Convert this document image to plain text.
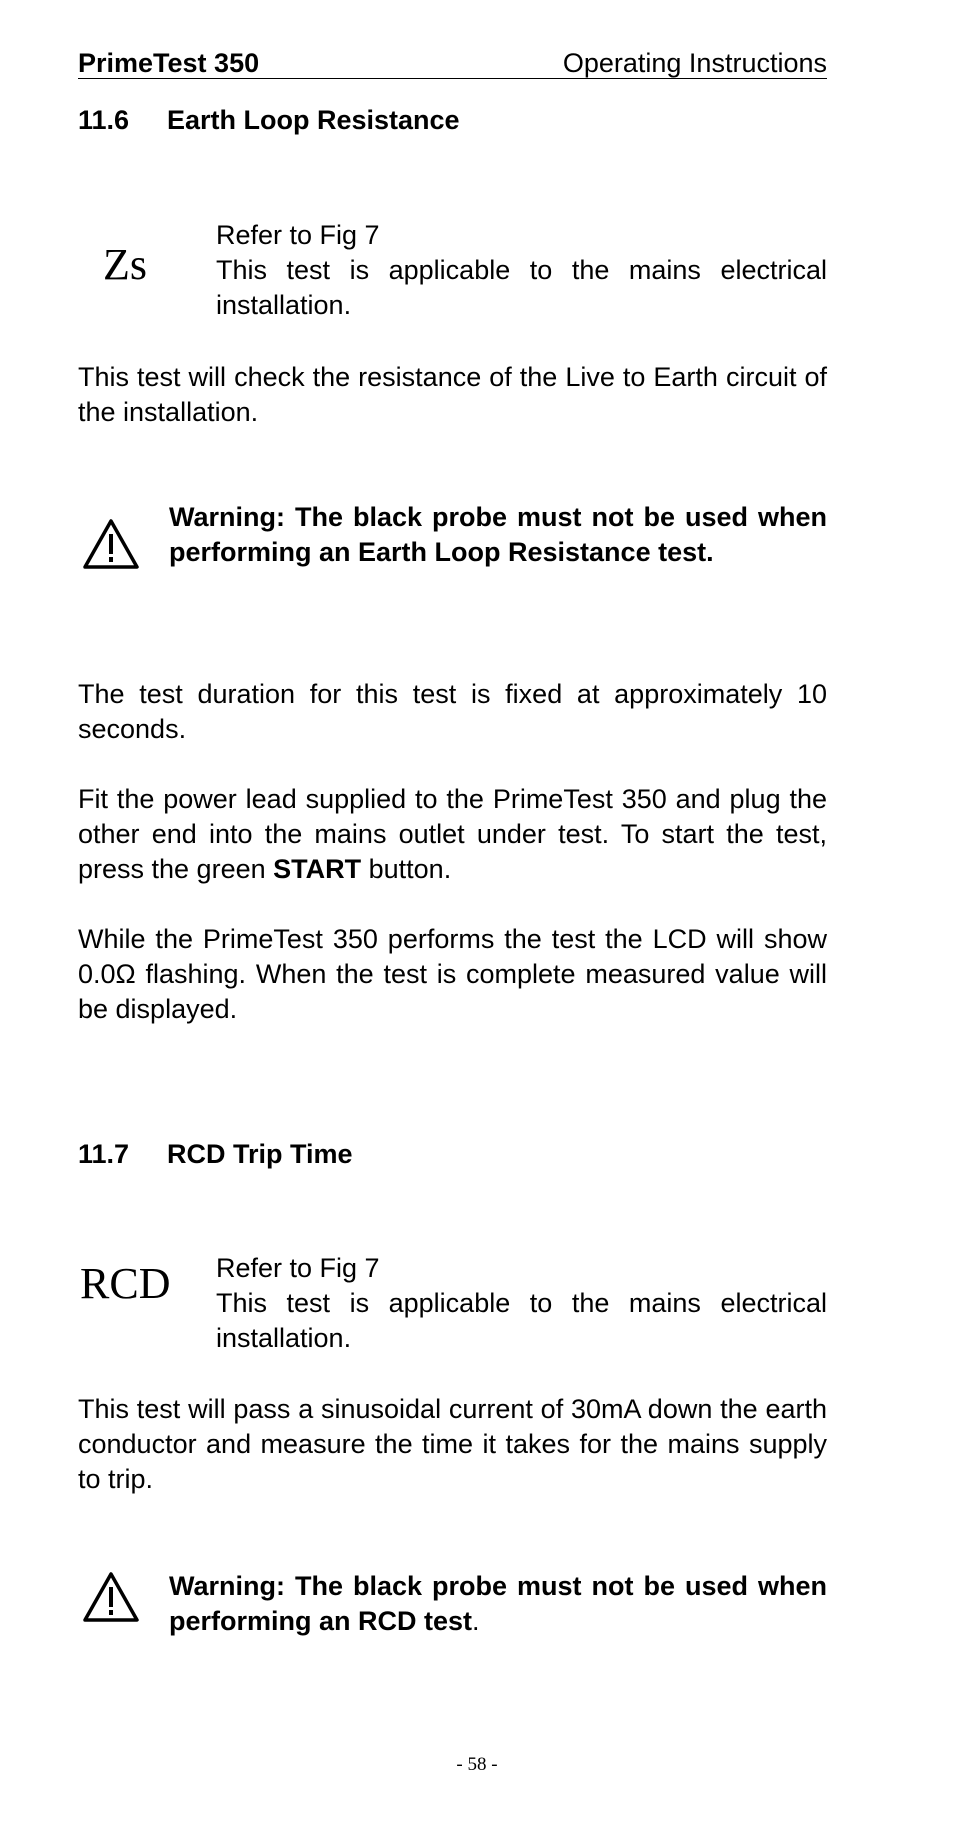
PrimeTest 350	Operating Instructions
11.6 Earth Loop Resistance
Zs

Refer to Fig 7
This test is applicable to the mains electrical installation.

This test will check the resistance of the Live to Earth circuit of the installation.

Warning: The black probe must not be used when performing an Earth Loop Resistance test.

The test duration for this test is fixed at approximately 10 seconds.

Fit the power lead supplied to the PrimeTest 350 and plug the other end into the mains outlet under test. To start the test, press the green START button.

While the PrimeTest 350 performs the test the LCD will show 0.0Ω flashing. When the test is complete measured value will be displayed.

11.7 RCD Trip Time
RCD Refer to Fig 7
This test is applicable to the mains electrical installation.

This test will pass a sinusoidal current of 30mA down the earth conductor and measure the time it takes for the mains supply to trip.

Warning: The black probe must not be used when performing an RCD test.

- 58 -
